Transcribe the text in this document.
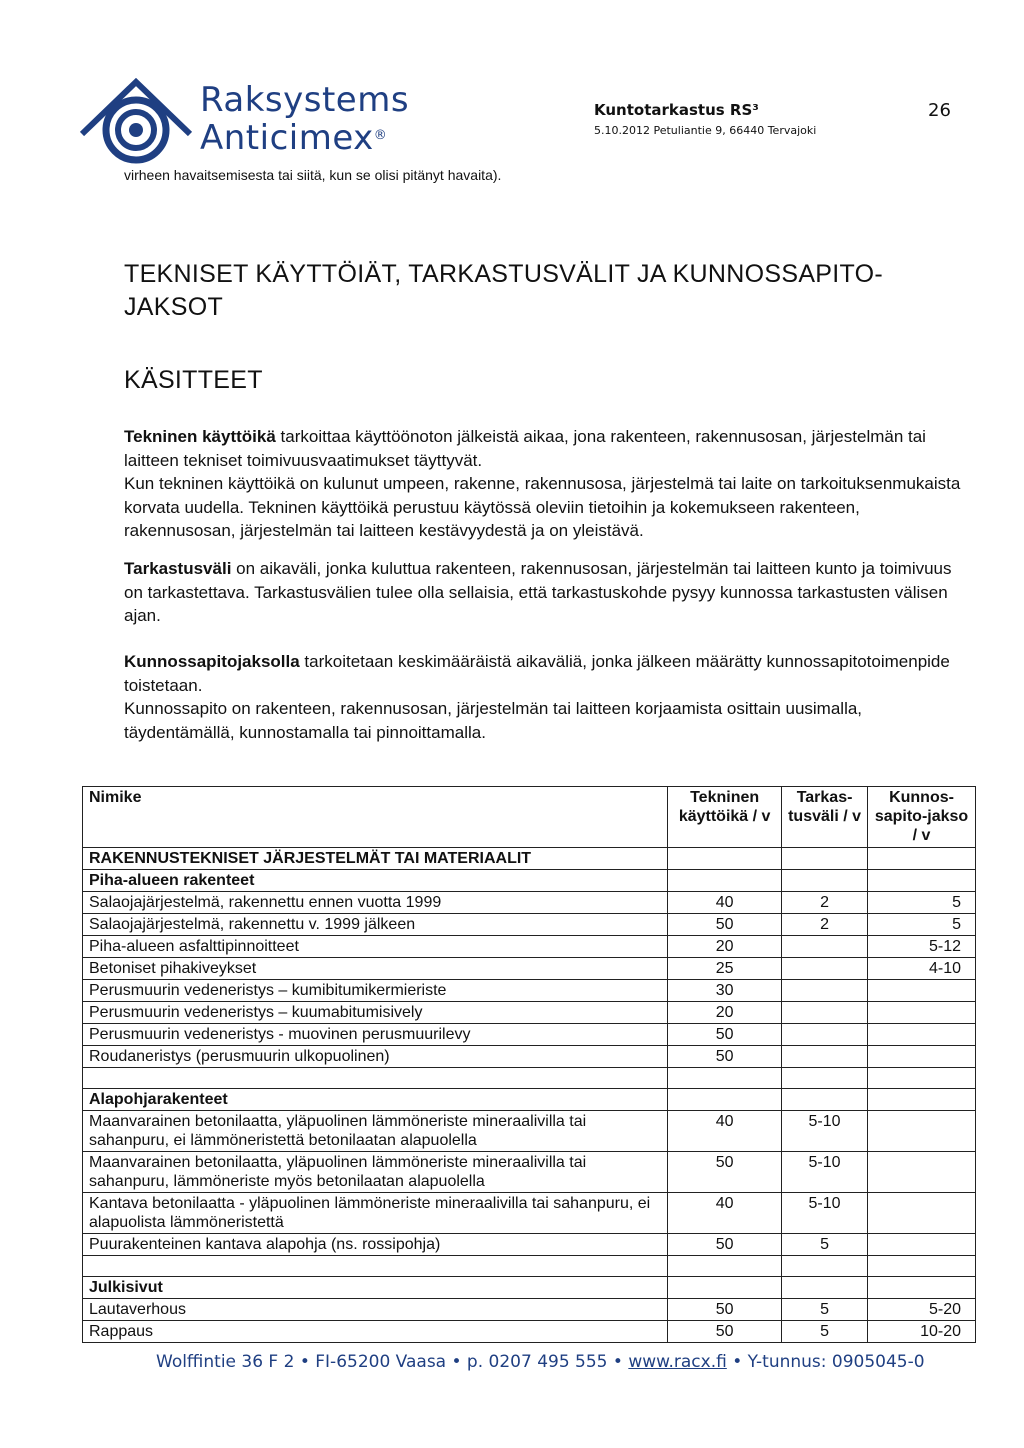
Raksystems
Anticimex®
Kuntotarkastus RS³
5.10.2012 Petuliantie 9, 66440 Tervajoki
26
virheen havaitsemisesta tai siitä, kun se olisi pitänyt havaita).
TEKNISET KÄYTTÖIÄT, TARKASTUSVÄLIT JA KUNNOSSAPITO-JAKSOT
KÄSITTEET

Tekninen käyttöikä tarkoittaa käyttöönoton jälkeistä aikaa, jona rakenteen, rakennusosan, järjestelmän tai laitteen tekniset toimivuusvaatimukset täyttyvät.
Kun tekninen käyttöikä on kulunut umpeen, rakenne, rakennusosa, järjestelmä tai laite on tarkoituksenmukaista korvata uudella. Tekninen käyttöikä perustuu käytössä oleviin tietoihin ja kokemukseen rakenteen, rakennusosan, järjestelmän tai laitteen kestävyydestä ja on yleistävä.

Tarkastusväli on aikaväli, jonka kuluttua rakenteen, rakennusosan, järjestelmän tai laitteen kunto ja toimivuus on tarkastettava. Tarkastusvälien tulee olla sellaisia, että tarkastuskohde pysyy kunnossa tarkastusten välisen ajan.

Kunnossapitojaksolla tarkoitetaan keskimääräistä aikaväliä, jonka jälkeen määrätty kunnossapitotoimenpide toistetaan.
Kunnossapito on rakenteen, rakennusosan, järjestelmän tai laitteen korjaamista osittain uusimalla, täydentämällä, kunnostamalla tai pinnoittamalla.

Nimike	Tekninen käyttöikä / v	Tarkas-tusväli / v	Kunnos-sapito-jakso / v
RAKENNUSTEKNISET JÄRJESTELMÄT TAI MATERIAALIT			
Piha-alueen rakenteet			
Salaojajärjestelmä, rakennettu ennen vuotta 1999	40	2	5
Salaojajärjestelmä, rakennettu v. 1999 jälkeen	50	2	5
Piha-alueen asfalttipinnoitteet	20		5-12
Betoniset pihakiveykset	25		4-10
Perusmuurin vedeneristys – kumibitumikermieriste	30		
Perusmuurin vedeneristys – kuumabitumisively	20		
Perusmuurin vedeneristys - muovinen perusmuurilevy	50		
Roudaneristys (perusmuurin ulkopuolinen)	50		

Alapohjarakenteet			
Maanvarainen betonilaatta, yläpuolinen lämmöneriste mineraalivilla tai sahanpuru, ei lämmöneristettä betonilaatan alapuolella	40	5-10	
Maanvarainen betonilaatta, yläpuolinen lämmöneriste mineraalivilla tai sahanpuru, lämmöneriste myös betonilaatan alapuolella	50	5-10	
Kantava betonilaatta - yläpuolinen lämmöneriste mineraalivilla tai sahanpuru, ei alapuolista lämmöneristettä	40	5-10	
Puurakenteinen kantava alapohja (ns. rossipohja)	50	5	

Julkisivut			
Lautaverhous	50	5	5-20
Rappaus	50	5	10-20
Wolffintie 36 F 2 • FI-65200 Vaasa • p. 0207 495 555 • www.racx.fi • Y-tunnus: 0905045-0
